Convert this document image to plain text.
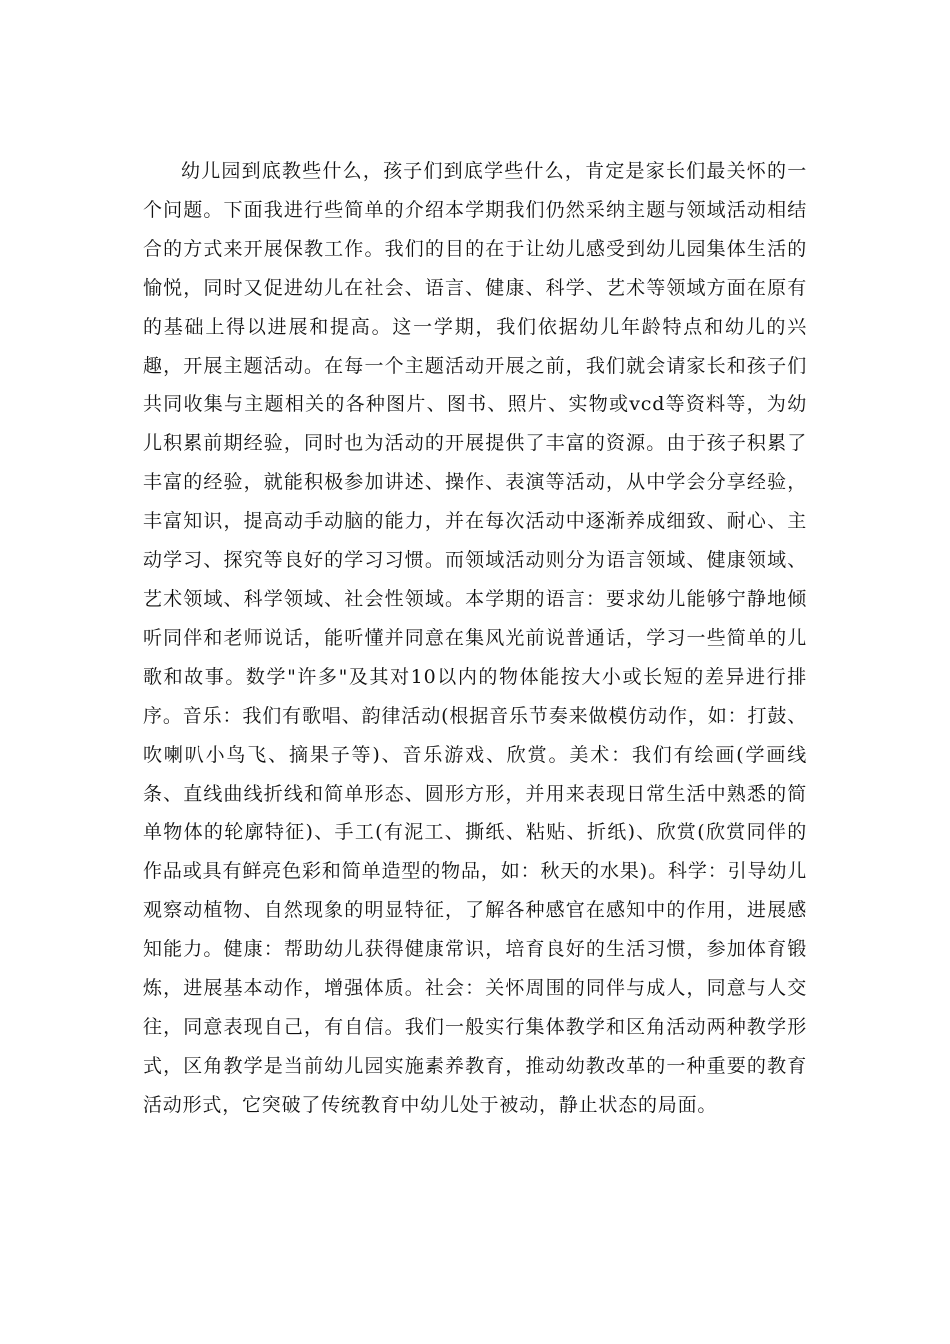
幼儿园到底教些什么，孩子们到底学些什么，肯定是家长们最关怀的一个问题。下面我进行些简单的介绍本学期我们仍然采纳主题与领域活动相结合的方式来开展保教工作。我们的目的在于让幼儿感受到幼儿园集体生活的愉悦，同时又促进幼儿在社会、语言、健康、科学、艺术等领域方面在原有的基础上得以进展和提高。这一学期，我们依据幼儿年龄特点和幼儿的兴趣，开展主题活动。在每一个主题活动开展之前，我们就会请家长和孩子们共同收集与主题相关的各种图片、图书、照片、实物或vcd等资料等，为幼儿积累前期经验，同时也为活动的开展提供了丰富的资源。由于孩子积累了丰富的经验，就能积极参加讲述、操作、表演等活动，从中学会分享经验，丰富知识，提高动手动脑的能力，并在每次活动中逐渐养成细致、耐心、主动学习、探究等良好的学习习惯。而领域活动则分为语言领域、健康领域、艺术领域、科学领域、社会性领域。本学期的语言：要求幼儿能够宁静地倾听同伴和老师说话，能听懂并同意在集风光前说普通话，学习一些简单的儿歌和故事。数学"许多"及其对10以内的物体能按大小或长短的差异进行排序。音乐：我们有歌唱、韵律活动(根据音乐节奏来做模仿动作，如：打鼓、吹喇叭小鸟飞、摘果子等)、音乐游戏、欣赏。美术：我们有绘画(学画线条、直线曲线折线和简单形态、圆形方形，并用来表现日常生活中熟悉的简单物体的轮廓特征)、手工(有泥工、撕纸、粘贴、折纸)、欣赏(欣赏同伴的作品或具有鲜亮色彩和简单造型的物品，如：秋天的水果)。科学：引导幼儿观察动植物、自然现象的明显特征，了解各种感官在感知中的作用，进展感知能力。健康：帮助幼儿获得健康常识，培育良好的生活习惯，参加体育锻炼，进展基本动作，增强体质。社会：关怀周围的同伴与成人，同意与人交往，同意表现自己，有自信。我们一般实行集体教学和区角活动两种教学形式，区角教学是当前幼儿园实施素养教育，推动幼教改革的一种重要的教育活动形式，它突破了传统教育中幼儿处于被动，静止状态的局面。
